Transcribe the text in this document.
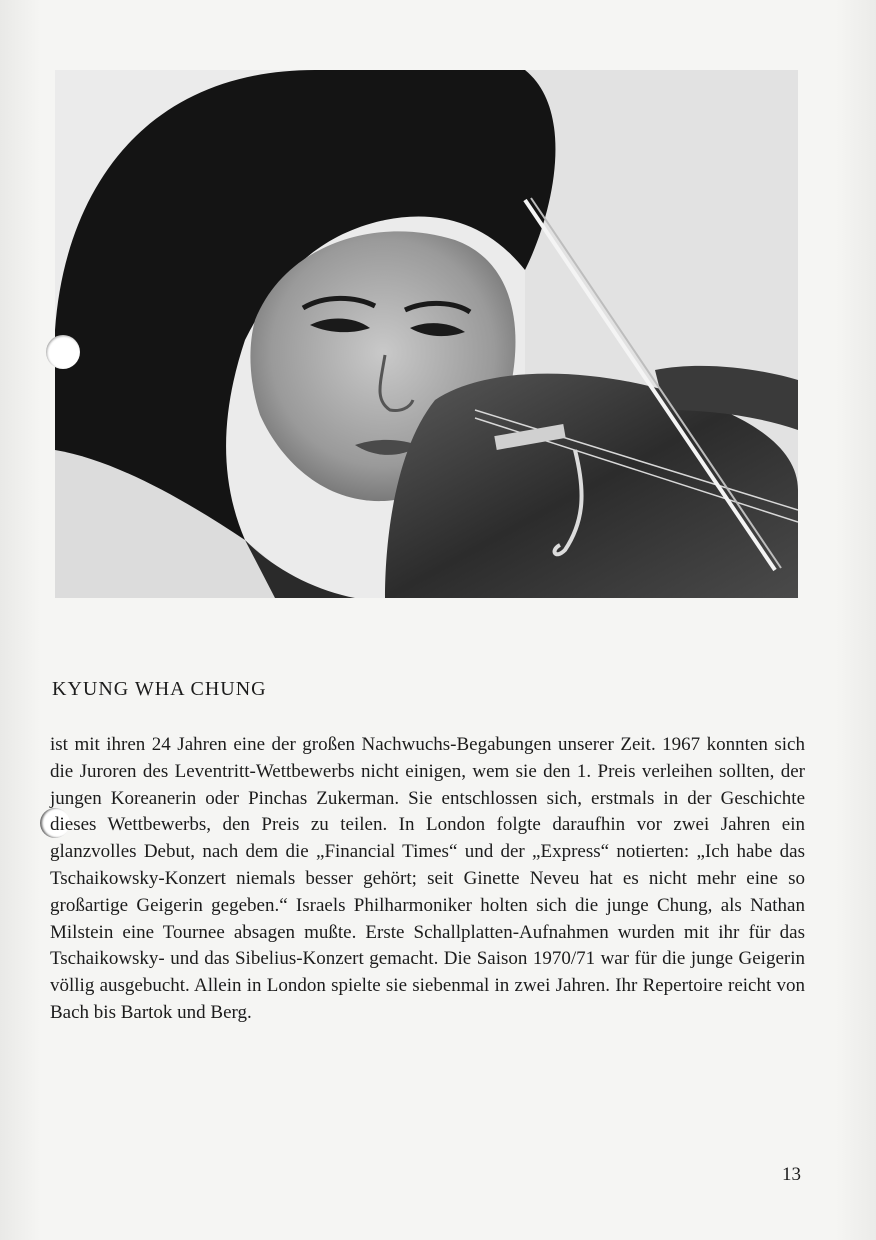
KYUNG WHA CHUNG

ist mit ihren 24 Jahren eine der großen Nachwuchs-Begabungen unserer Zeit. 1967 konnten sich die Juroren des Leventritt-Wettbewerbs nicht einigen, wem sie den 1. Preis verleihen sollten, der jungen Koreanerin oder Pinchas Zukerman. Sie entschlossen sich, erstmals in der Geschichte dieses Wettbewerbs, den Preis zu teilen. In London folgte daraufhin vor zwei Jahren ein glanzvolles Debut, nach dem die „Financial Times“ und der „Express“ notierten: „Ich habe das Tschaikowsky-Konzert niemals besser gehört; seit Ginette Neveu hat es nicht mehr eine so großartige Geigerin gegeben.“ Israels Philharmoniker holten sich die junge Chung, als Nathan Milstein eine Tournee absagen mußte. Erste Schallplatten-Aufnahmen wurden mit ihr für das Tschaikowsky- und das Sibelius-Konzert gemacht. Die Saison 1970/71 war für die junge Geigerin völlig ausgebucht. Allein in London spielte sie siebenmal in zwei Jahren. Ihr Repertoire reicht von Bach bis Bartok und Berg.

13
